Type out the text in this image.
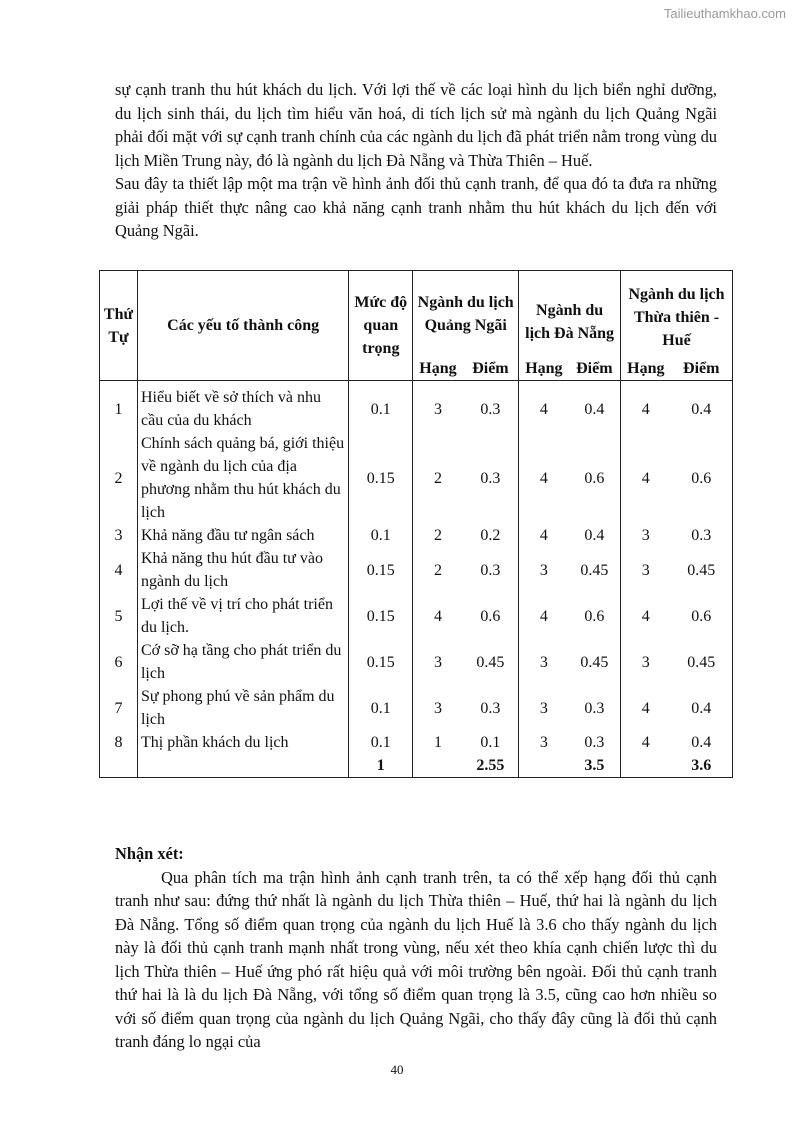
Tailieuthamkhao.com

sự cạnh tranh thu hút khách du lịch. Với lợi thế về các loại hình du lịch biển nghỉ dưỡng, du lịch sinh thái, du lịch tìm hiểu văn hoá, di tích lịch sử mà ngành du lịch Quảng Ngãi phải đối mặt với sự cạnh tranh chính của các ngành du lịch đã phát triển nằm trong vùng du lịch Miền Trung này, đó là ngành du lịch Đà Nẵng và Thừa Thiên – Huế.

Sau đây ta thiết lập một ma trận về hình ảnh đối thủ cạnh tranh, để qua đó ta đưa ra những giải pháp thiết thực nâng cao khả năng cạnh tranh nhằm thu hút khách du lịch đến với Quảng Ngãi.

Thứ Tự	Các yếu tố thành công	Mức độ quan trọng	Ngành du lịch Quảng Ngãi		Ngành du lịch Đà Nẵng		Ngành du lịch Thừa thiên - Huế	
			Hạng	Điểm	Hạng	Điểm	Hạng	Điểm
1	Hiểu biết về sở thích và nhu cầu của du khách	0.1	3	0.3	4	0.4	4	0.4
2	Chính sách quảng bá, giới thiệu về ngành du lịch của địa phương nhằm thu hút khách du lịch	0.15	2	0.3	4	0.6	4	0.6
3	Khả năng đầu tư ngân sách	0.1	2	0.2	4	0.4	3	0.3
4	Khả năng thu hút đầu tư vào ngành du lịch	0.15	2	0.3	3	0.45	3	0.45
5	Lợi thế về vị trí cho phát triển du lịch.	0.15	4	0.6	4	0.6	4	0.6
6	Cớ sỡ hạ tầng cho phát triển du lịch	0.15	3	0.45	3	0.45	3	0.45
7	Sự phong phú về sản phẩm du lịch	0.1	3	0.3	3	0.3	4	0.4
8	Thị phần khách du lịch	0.1	1	0.1	3	0.3	4	0.4
		1		2.55		3.5		3.6
Nhận xét:

Qua phân tích ma trận hình ảnh cạnh tranh trên, ta có thể xếp hạng đối thủ cạnh tranh như sau: đứng thứ nhất là ngành du lịch Thừa thiên – Huế, thứ hai là ngành du lịch Đà Nẵng. Tổng số điểm quan trọng của ngành du lịch Huế là 3.6 cho thấy ngành du lịch này là đối thủ cạnh tranh mạnh nhất trong vùng, nếu xét theo khía cạnh chiến lược thì du lịch Thừa thiên – Huế ứng phó rất hiệu quả với môi trường bên ngoài. Đối thủ cạnh tranh thứ hai là là du lịch Đà Nẵng, với tổng số điểm quan trọng là 3.5, cũng cao hơn nhiều so với số điểm quan trọng của ngành du lịch Quảng Ngãi, cho thấy đây cũng là đối thủ cạnh tranh đáng lo ngại của

40
